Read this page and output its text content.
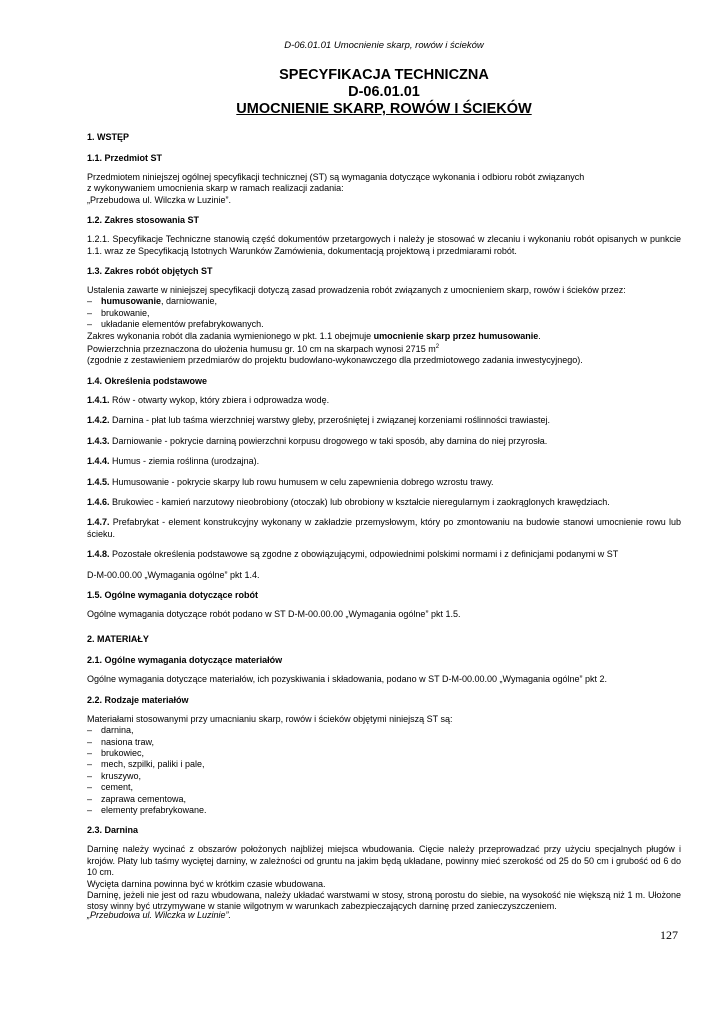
D-06.01.01 Umocnienie skarp, rowów i ścieków
SPECYFIKACJA TECHNICZNA
D-06.01.01
UMOCNIENIE SKARP, ROWÓW I ŚCIEKÓW
1. WSTĘP
1.1. Przedmiot ST
Przedmiotem niniejszej ogólnej specyfikacji technicznej (ST) są wymagania dotyczące wykonania i odbioru robót związanych
z wykonywaniem umocnienia skarp w ramach realizacji zadania:
„Przebudowa ul. Wilczka w Luzinie”.
1.2. Zakres stosowania ST

1.2.1. Specyfikacje Techniczne stanowią część dokumentów przetargowych i należy je stosować w zlecaniu i wykonaniu robót opisanych w punkcie 1.1. wraz ze Specyfikacją Istotnych Warunków Zamówienia, dokumentacją projektową i przedmiarami robót.

1.3. Zakres robót objętych ST
Ustalenia zawarte w niniejszej specyfikacji dotyczą zasad prowadzenia robót związanych z umocnieniem skarp, rowów i ścieków przez:
– humusowanie, darniowanie,
– brukowanie,
– układanie elementów prefabrykowanych.
Zakres wykonania robót dla zadania wymienionego w pkt. 1.1 obejmuje umocnienie skarp przez humusowanie.
Powierzchnia przeznaczona do ułożenia humusu gr. 10 cm na skarpach wynosi 2715 $m^2$
(zgodnie z zestawieniem przedmiarów do projektu budowlano-wykonawczego dla przedmiotowego zadania inwestycyjnego).
1.4. Określenia podstawowe

1.4.1. Rów - otwarty wykop, który zbiera i odprowadza wodę.

1.4.2. Darnina - płat lub taśma wierzchniej warstwy gleby, przerośniętej i związanej korzeniami roślinności trawiastej.

1.4.3. Darniowanie - pokrycie darniną powierzchni korpusu drogowego w taki sposób, aby darnina do niej przyrosła.

1.4.4. Humus - ziemia roślinna (urodzajna).

1.4.5. Humusowanie - pokrycie skarpy lub rowu humusem w celu zapewnienia dobrego wzrostu trawy.

1.4.6. Brukowiec - kamień narzutowy nieobrobiony (otoczak) lub obrobiony w kształcie nieregularnym i zaokrąglonych krawędziach.

1.4.7. Prefabrykat - element konstrukcyjny wykonany w zakładzie przemysłowym, który po zmontowaniu na budowie stanowi umocnienie rowu lub ścieku.

1.4.8. Pozostałe określenia podstawowe są zgodne z obowiązującymi, odpowiednimi polskimi normami i z definicjami podanymi w ST

D-M-00.00.00 „Wymagania ogólne” pkt 1.4.

1.5. Ogólne wymagania dotyczące robót

Ogólne wymagania dotyczące robót podano w ST D-M-00.00.00 „Wymagania ogólne” pkt 1.5.

2. MATERIAŁY
2.1. Ogólne wymagania dotyczące materiałów

Ogólne wymagania dotyczące materiałów, ich pozyskiwania i składowania, podano w ST D-M-00.00.00 „Wymagania ogólne” pkt 2.

2.2. Rodzaje materiałów
Materiałami stosowanymi przy umacnianiu skarp, rowów i ścieków objętymi niniejszą ST są:
– darnina,
– nasiona traw,
– brukowiec,
– mech, szpilki, paliki i pale,
– kruszywo,
– cement,
– zaprawa cementowa,
– elementy prefabrykowane.
2.3. Darnina
Darninę należy wycinać z obszarów położonych najbliżej miejsca wbudowania. Cięcie należy przeprowadzać przy użyciu specjalnych pługów i krojów. Płaty lub taśmy wyciętej darniny, w zależności od gruntu na jakim będą układane, powinny mieć szerokość od 25 do 50 cm i grubość od 6 do 10 cm.
Wycięta darnina powinna być w krótkim czasie wbudowana.
Darninę, jeżeli nie jest od razu wbudowana, należy układać warstwami w stosy, stroną porostu do siebie, na wysokość nie większą niż 1 m. Ułożone stosy winny być utrzymywane w stanie wilgotnym w warunkach zabezpieczających darninę przed zanieczyszczeniem.
„Przebudowa ul. Wilczka w Luzinie”.
127
